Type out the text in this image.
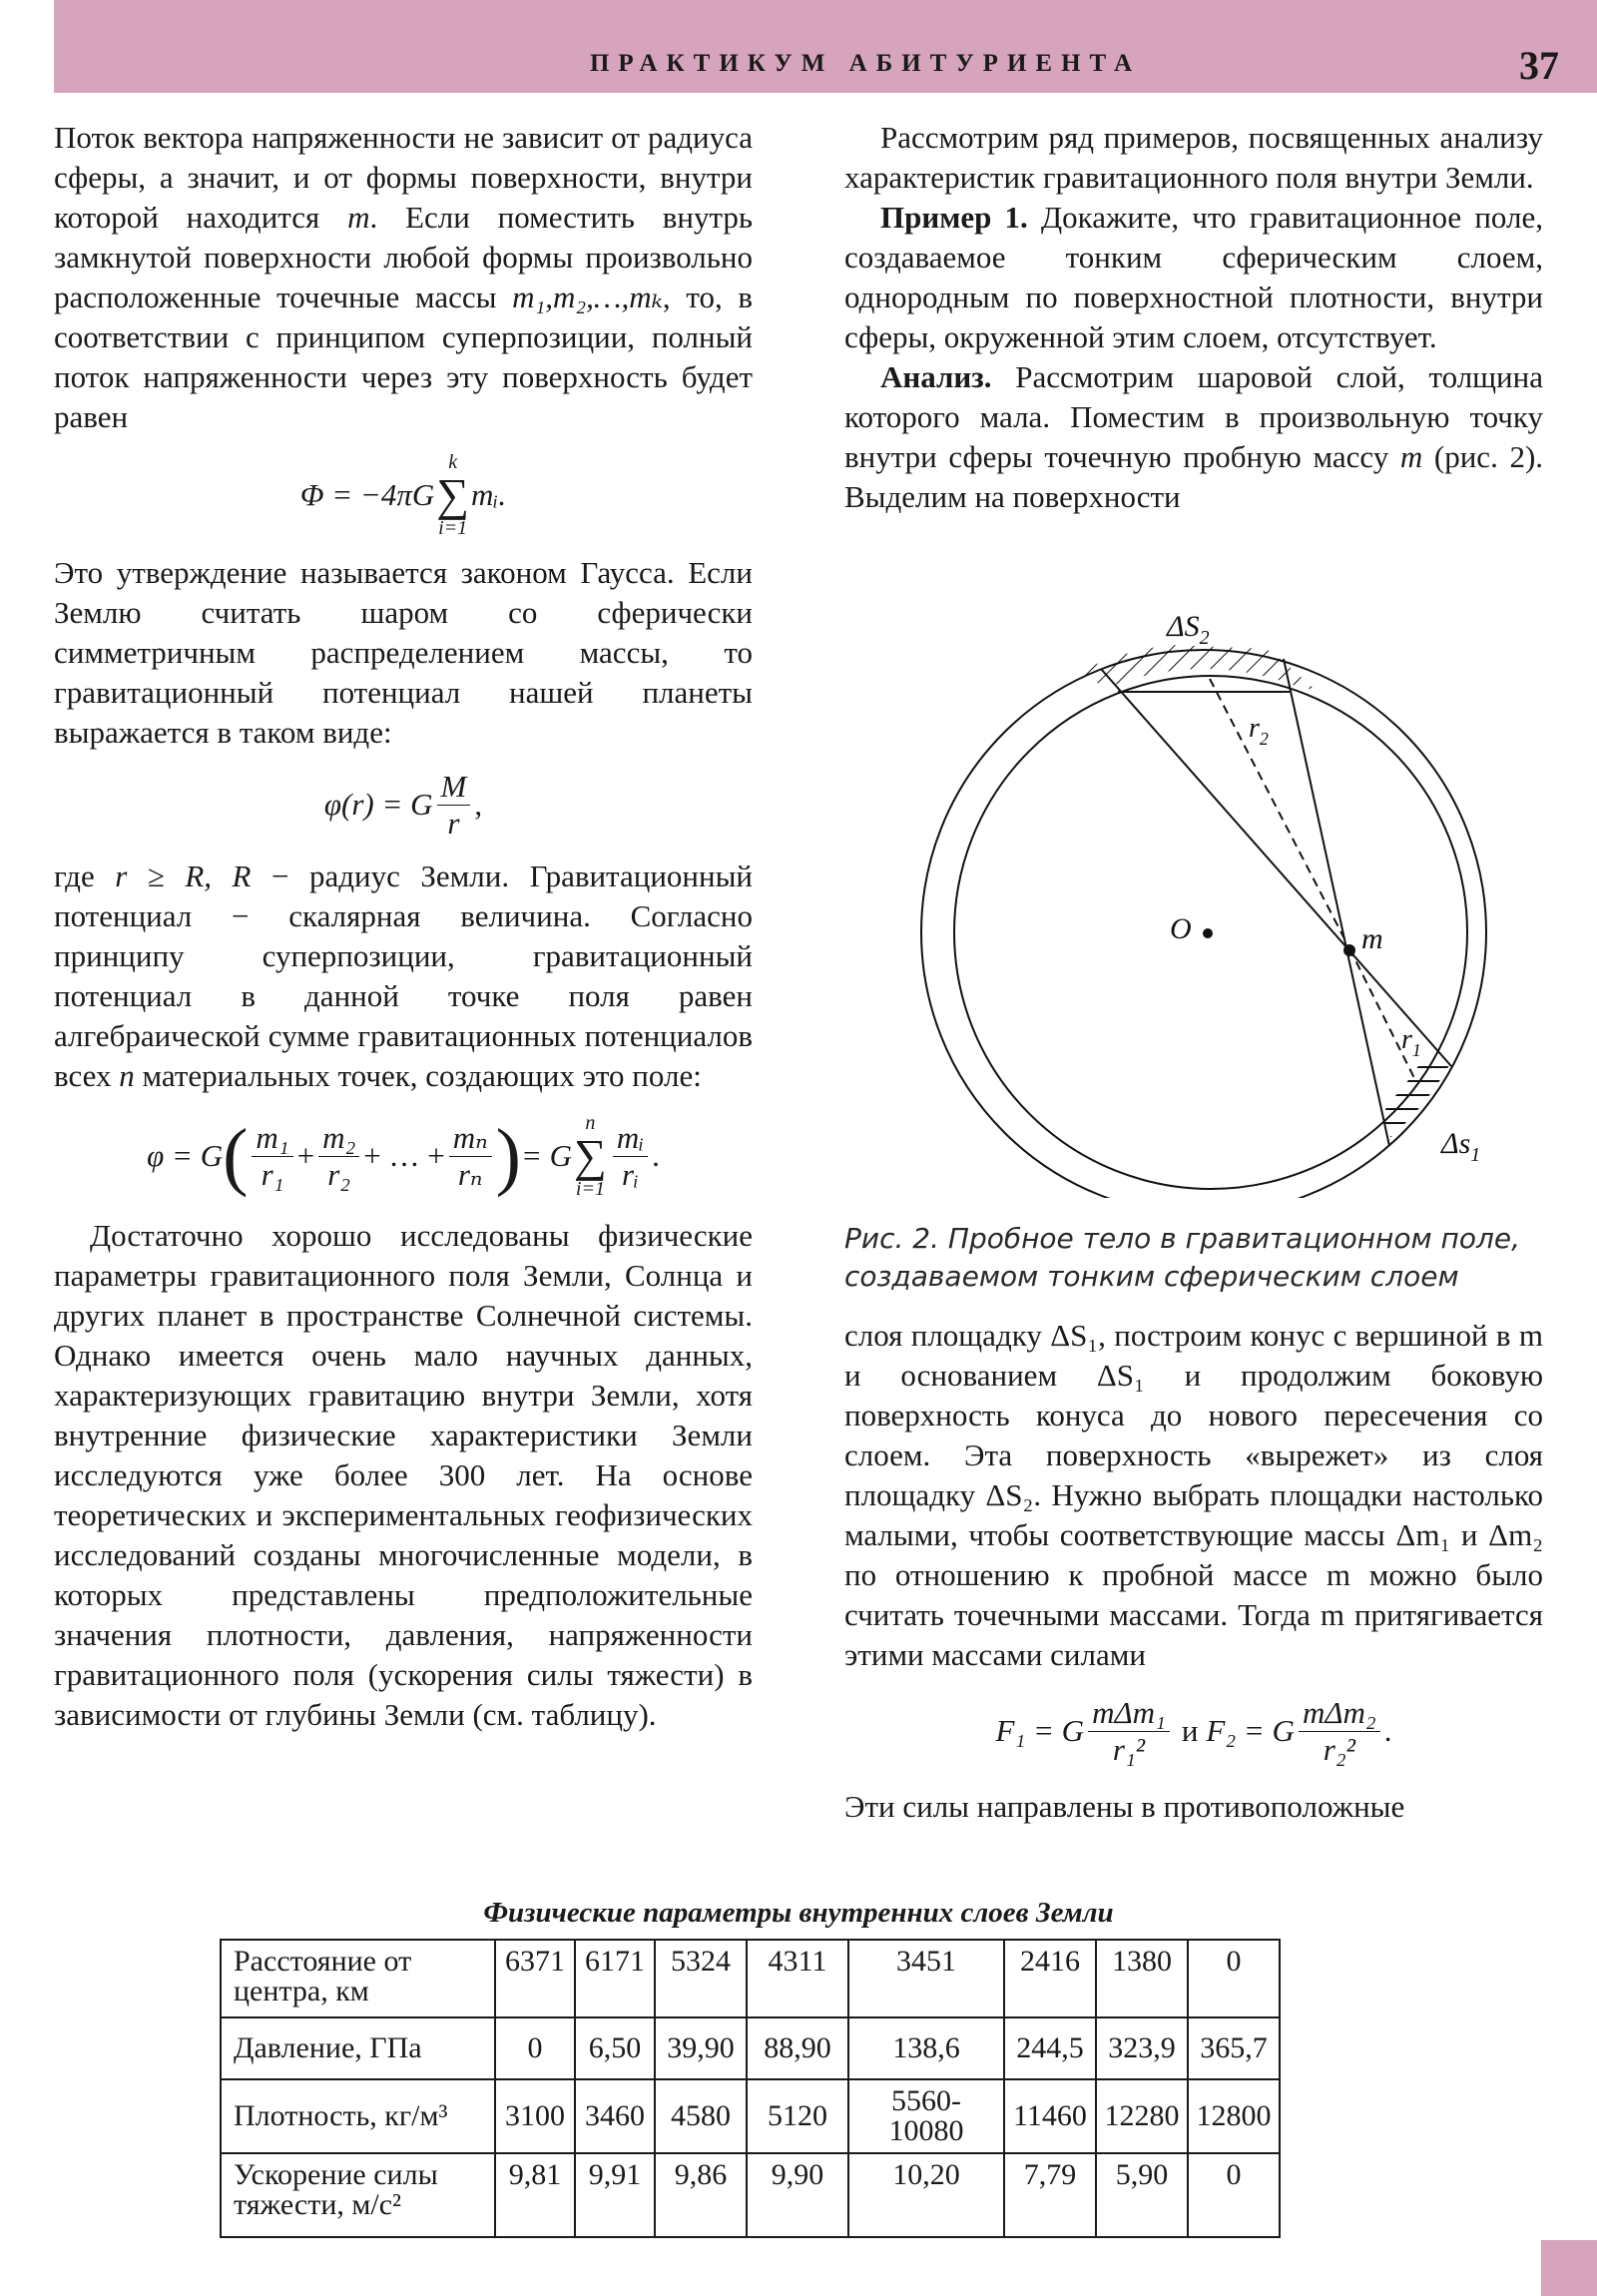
ПРАКТИКУМ АБИТУРИЕНТА	37

Поток вектора напряженности не зависит от радиуса сферы, а значит, и от формы поверхности, внутри которой находится m. Если поместить внутрь замкнутой поверхности любой формы произвольно расположенные точечные массы m₁,m₂,…,mₖ, то, в соответствии с принципом суперпозиции, полный поток напряженности через эту поверхность будет равен

Φ = −4πG
k
∑
i=1
mᵢ.

Это утверждение называется законом Гаусса. Если Землю считать шаром со сферически симметричным распределением массы, то гравитационный потенциал нашей планеты выражается в таком виде:

φ(r) = G $\frac{M}{r}$ ,

где r ≥ R, R − радиус Земли. Гравитационный потенциал − скалярная величина. Согласно принципу суперпозиции, гравитационный потенциал в данной точке поля равен алгебраической сумме гравитационных потенциалов всех n материальных точек, создающих это поле:

φ = G ( $\frac{\text{m₁}}{\text{r₁}} + \frac{\text{m₂}}{\text{r₂}}$ + … + $\frac{\text{mₙ}}{\text{rₙ}}$ ) = G
n
∑
$i=1 \frac{\text{mᵢ}}{\text{rᵢ}}$ .

Достаточно хорошо исследованы физические параметры гравитационного поля Земли, Солнца и других планет в пространстве Солнечной системы. Однако имеется очень мало научных данных, характеризующих гравитацию внутри Земли, хотя внутренние физические характеристики Земли исследуются уже более 300 лет. На основе теоретических и экспериментальных геофизических исследований созданы многочисленные модели, в которых представлены предположительные значения плотности, давления, напряженности гравитационного поля (ускорения силы тяжести) в зависимости от глубины Земли (см. таблицу).

Рассмотрим ряд примеров, посвященных анализу характеристик гравитационного поля внутри Земли.

Пример 1. Докажите, что гравитационное поле, создаваемое тонким сферическим слоем, однородным по поверхностной плотности, внутри сферы, окруженной этим слоем, отсутствует.

Анализ. Рассмотрим шаровой слой, толщина которого мала. Поместим в произвольную точку внутри сферы точечную пробную массу m (рис. 2). Выделим на поверхности

$\Delta S_2$
$r_2$
O	m
$r_1$
$\Delta s_1$
Рис. 2. Пробное тело в гравитационном поле, создаваемом тонким сферическим слоем

слоя площадку ΔS₁, построим конус с вершиной в m и основанием ΔS₁ и продолжим боковую поверхность конуса до нового пересечения со слоем. Эта поверхность «вырежет» из слоя площадку ΔS₂. Нужно выбрать площадки настолько малыми, чтобы соответствующие массы Δm₁ и Δm₂ по отношению к пробной массе m можно было считать точечными массами. Тогда m притягивается этими массами силами

F₁ = G $\frac{\text{mΔm₁}}{\text{r₁²}}$ и F₂ = G $\frac{\text{mΔm₂}}{\text{r₂²}}$ .

Эти силы направлены в противоположные

Физические параметры внутренних слоев Земли
Расстояние от центра, км	6371	6171	5324	4311	3451	2416	1380	0
Давление, ГПа	0	6,50	39,90	88,90	138,6	244,5	323,9	365,7
Плотность, кг/м³	3100	3460	4580	5120	5560-10080	11460	12280	12800
Ускорение силы тяжести, м/с²	9,81	9,91	9,86	9,90	10,20	7,79	5,90	0
